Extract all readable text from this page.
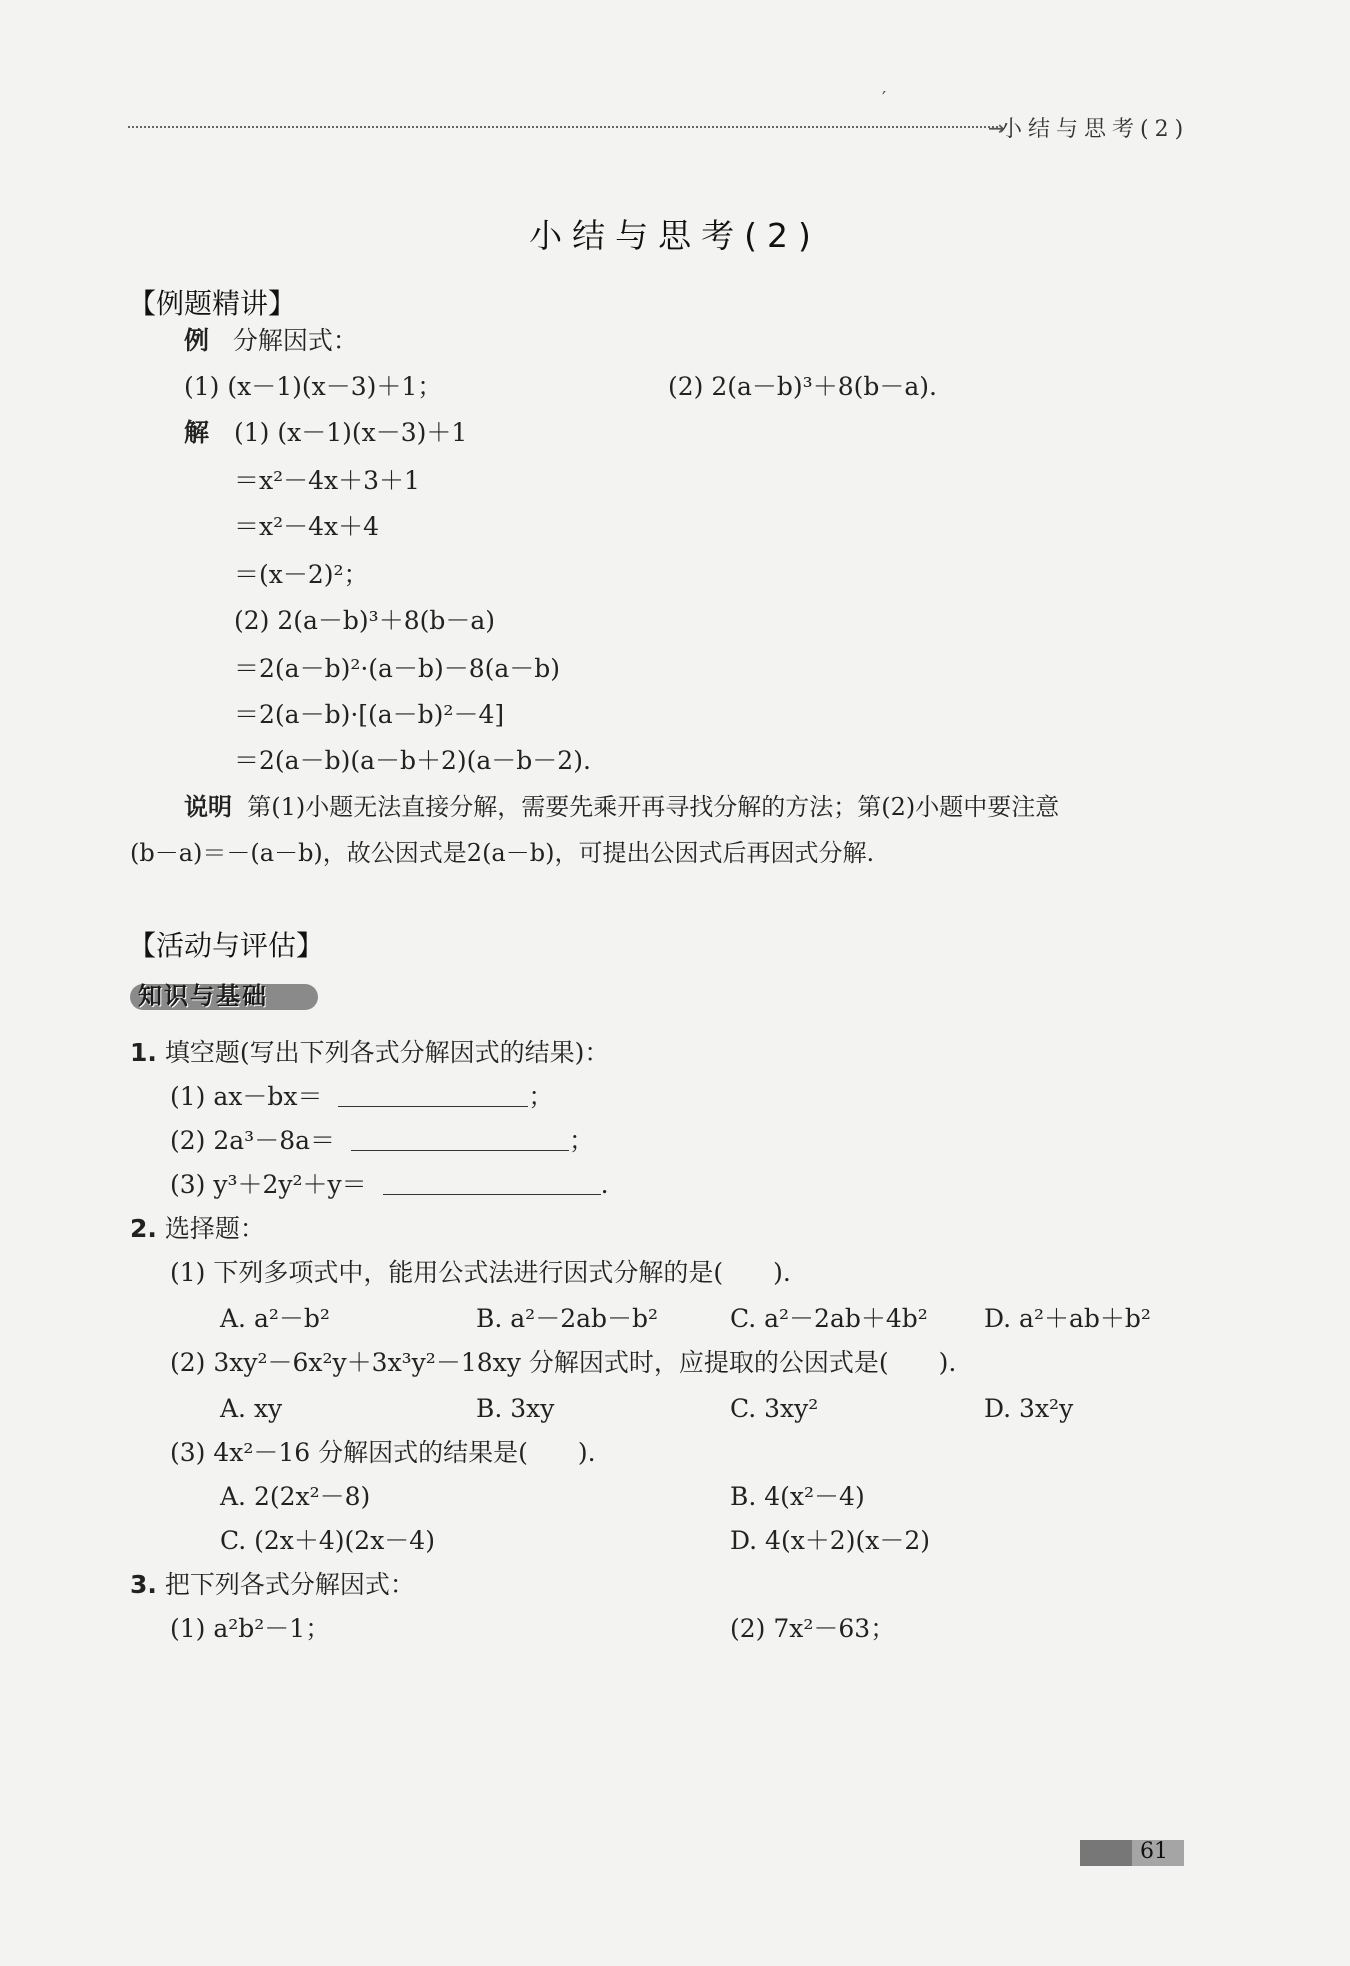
→
′
小结与思考(2)
小结与思考(2)
【例题精讲】
例 分解因式：
(1) (x－1)(x－3)＋1；	(2) 2(a－b)³＋8(b－a).
解 (1) (x－1)(x－3)＋1
＝x²－4x＋3＋1
＝x²－4x＋4
＝(x－2)²；
(2) 2(a－b)³＋8(b－a)
＝2(a－b)²·(a－b)－8(a－b)
＝2(a－b)·[(a－b)²－4]
＝2(a－b)(a－b＋2)(a－b－2).
说明 第(1)小题无法直接分解，需要先乘开再寻找分解的方法；第(2)小题中要注意
(b－a)＝－(a－b)，故公因式是2(a－b)，可提出公因式后再因式分解.
【活动与评估】
知识与基础
1. 填空题(写出下列各式分解因式的结果)：
(1) ax－bx＝	；
(2) 2a³－8a＝	；
(3) y³＋2y²＋y＝	.
2. 选择题：
(1) 下列多项式中，能用公式法进行因式分解的是(　　).
A. a²－b²	B. a²－2ab－b²	C. a²－2ab＋4b² D. a²＋ab＋b²
(2) 3xy²－6x²y＋3x³y²－18xy 分解因式时，应提取的公因式是(　　).
A. xy	B. 3xy	C. 3xy²	D. 3x²y
(3) 4x²－16 分解因式的结果是(　　).
A. 2(2x²－8)	B. 4(x²－4)
C. (2x＋4)(2x－4)	D. 4(x＋2)(x－2)
3. 把下列各式分解因式：
(1) a²b²－1；	(2) 7x²－63；
61
